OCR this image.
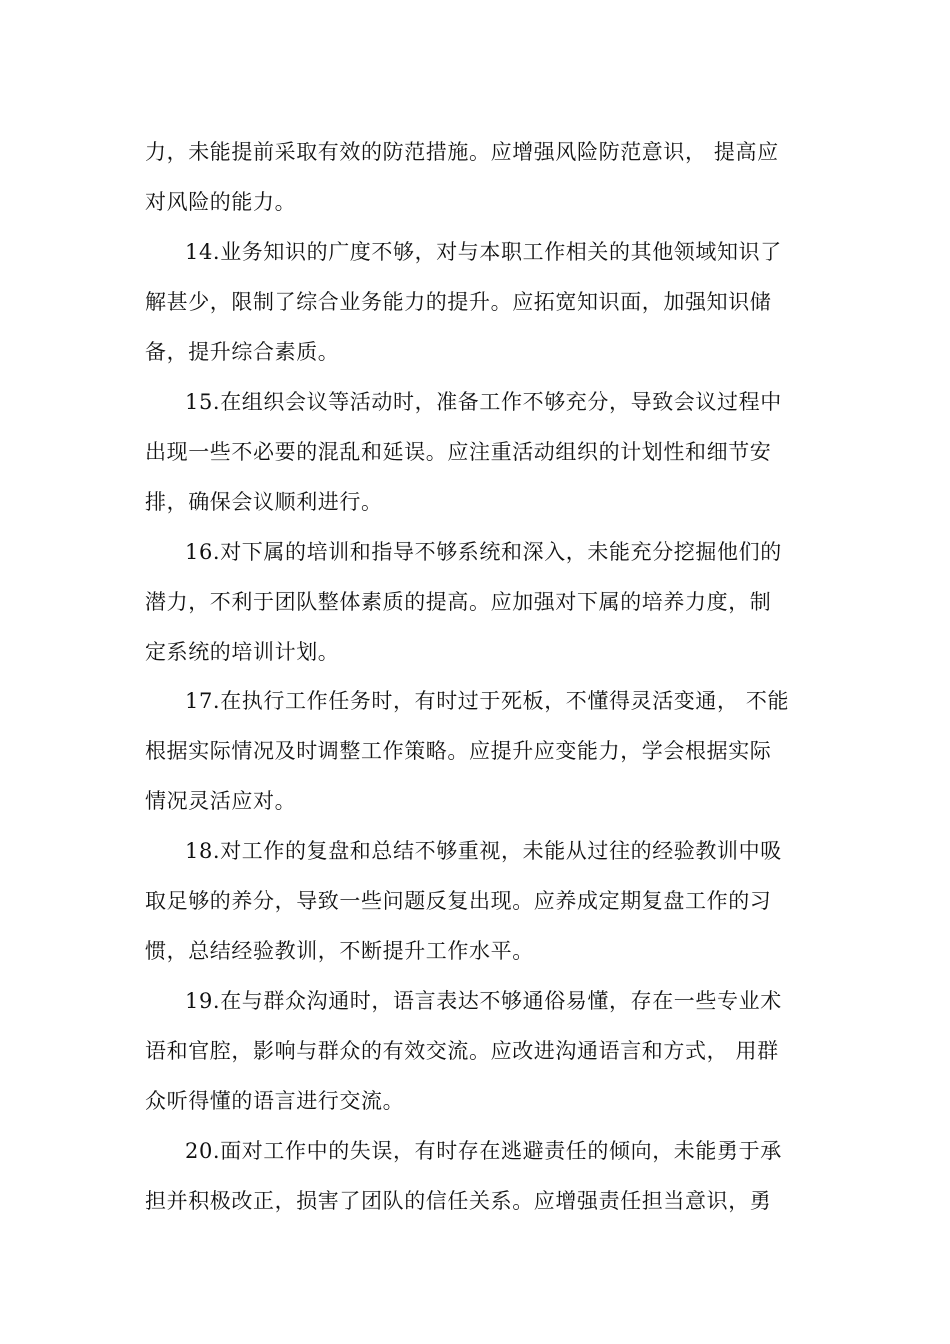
力，未能提前采取有效的防范措施。应增强风险防范意识， 提高应
对风险的能力。
14.业务知识的广度不够，对与本职工作相关的其他领域知识了
解甚少，限制了综合业务能力的提升。应拓宽知识面，加强知识储
备，提升综合素质。
15.在组织会议等活动时，准备工作不够充分，导致会议过程中
出现一些不必要的混乱和延误。应注重活动组织的计划性和细节安
排，确保会议顺利进行。
16.对下属的培训和指导不够系统和深入，未能充分挖掘他们的
潜力，不利于团队整体素质的提高。应加强对下属的培养力度，制
定系统的培训计划。
17.在执行工作任务时，有时过于死板，不懂得灵活变通， 不能
根据实际情况及时调整工作策略。应提升应变能力，学会根据实际
情况灵活应对。
18.对工作的复盘和总结不够重视，未能从过往的经验教训中吸
取足够的养分，导致一些问题反复出现。应养成定期复盘工作的习
惯，总结经验教训，不断提升工作水平。
19.在与群众沟通时，语言表达不够通俗易懂，存在一些专业术
语和官腔，影响与群众的有效交流。应改进沟通语言和方式， 用群
众听得懂的语言进行交流。
20.面对工作中的失误，有时存在逃避责任的倾向，未能勇于承
担并积极改正，损害了团队的信任关系。应增强责任担当意识，勇
